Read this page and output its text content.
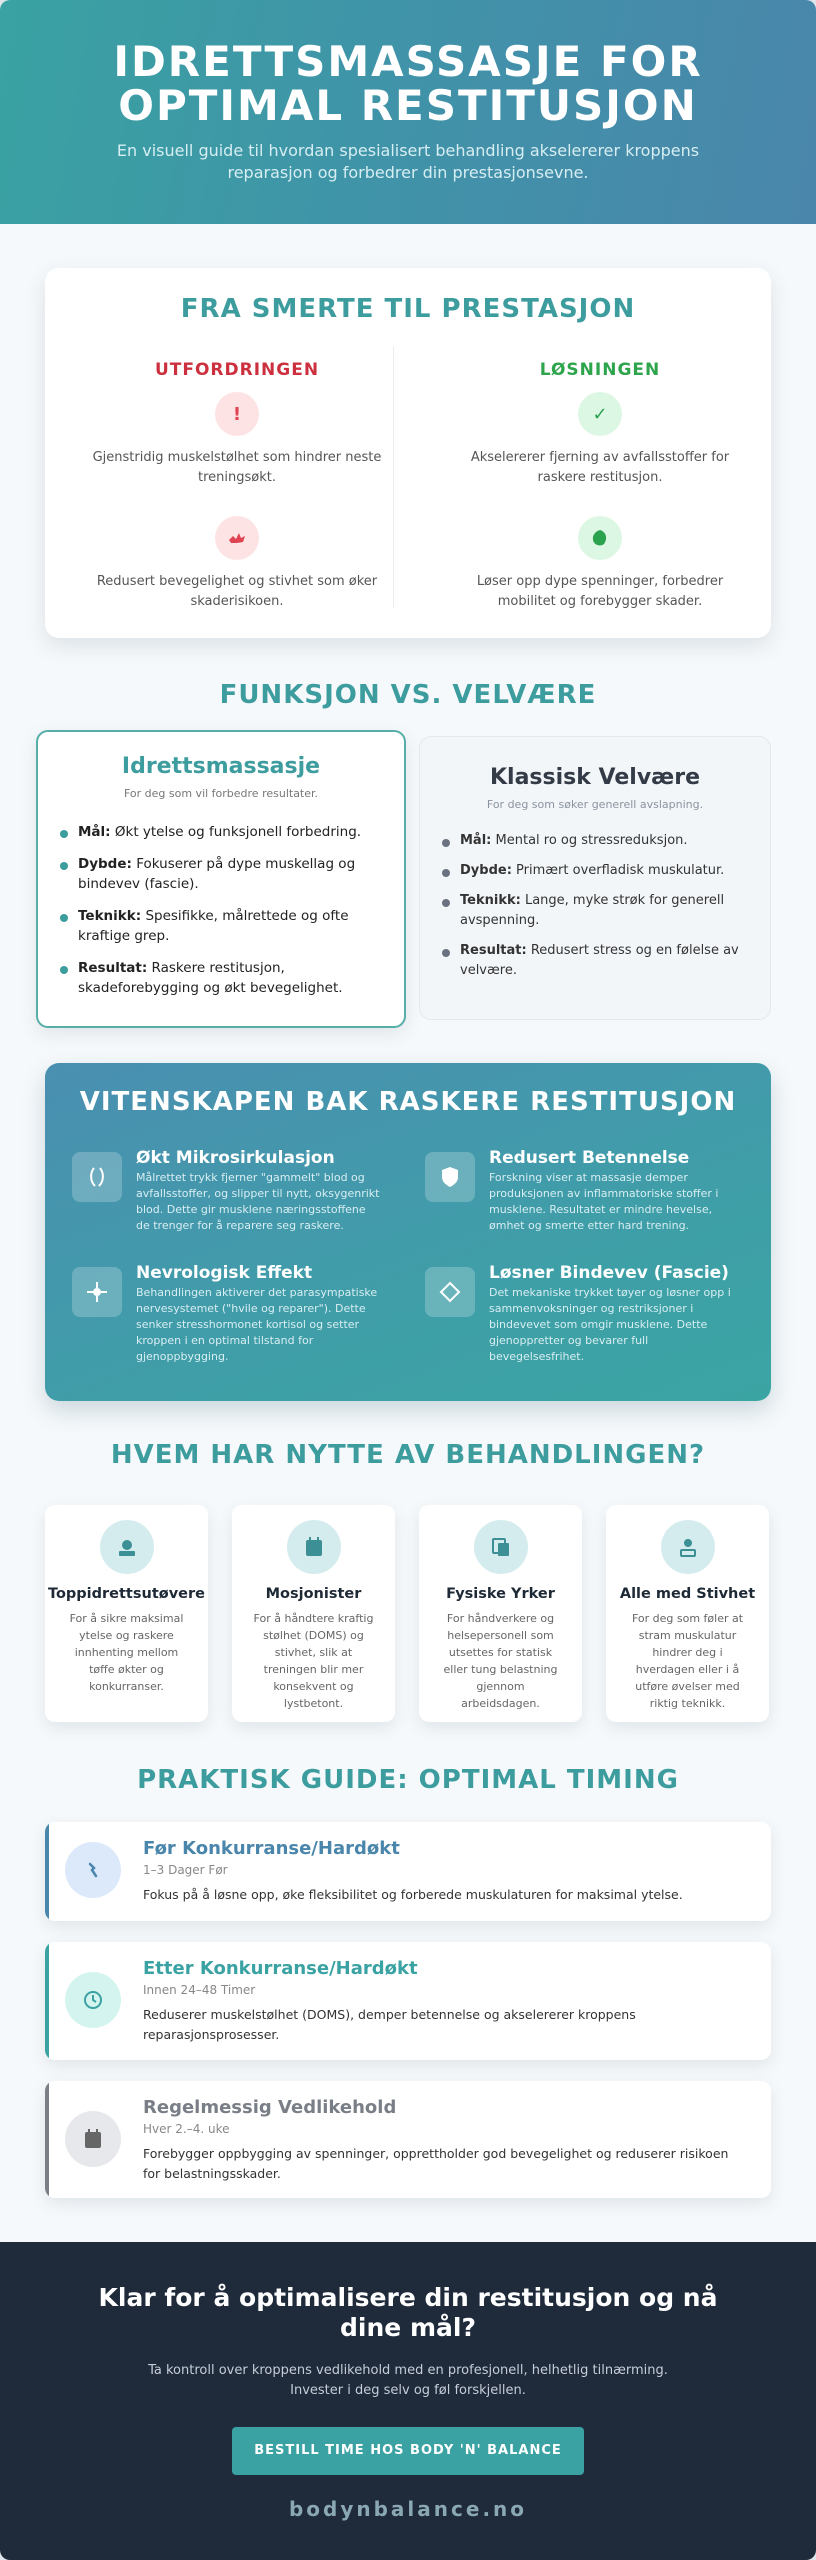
IDRETTSMASSASJE FOR OPTIMAL RESTITUSJON

En visuell guide til hvordan spesialisert behandling akselererer kroppens reparasjon og forbedrer din prestasjonsevne.

FRA SMERTE TIL PRESTASJON
UTFORDRINGEN
!
Gjenstridig muskelstølhet som hindrer neste treningsøkt.
Redusert bevegelighet og stivhet som øker skaderisikoen.
LØSNINGEN
✓
Akselererer fjerning av avfallsstoffer for raskere restitusjon.
Løser opp dype spenninger, forbedrer mobilitet og forebygger skader.
FUNKSJON VS. VELVÆRE
Idrettsmassasje
For deg som vil forbedre resultater.
Mål: Økt ytelse og funksjonell forbedring.
Dybde: Fokuserer på dype muskellag og bindevev (fascie).
Teknikk: Spesifikke, målrettede og ofte kraftige grep.
Resultat: Raskere restitusjon, skadeforebygging og økt bevegelighet.
Klassisk Velvære
For deg som søker generell avslapning.
Mål: Mental ro og stressreduksjon.
Dybde: Primært overfladisk muskulatur.
Teknikk: Lange, myke strøk for generell avspenning.
Resultat: Redusert stress og en følelse av velvære.
VITENSKAPEN BAK RASKERE RESTITUSJON
Økt Mikrosirkulasjon

Målrettet trykk fjerner "gammelt" blod og avfallsstoffer, og slipper til nytt, oksygenrikt blod. Dette gir musklene næringsstoffene de trenger for å reparere seg raskere.

Redusert Betennelse

Forskning viser at massasje demper produksjonen av inflammatoriske stoffer i musklene. Resultatet er mindre hevelse, ømhet og smerte etter hard trening.

Nevrologisk Effekt

Behandlingen aktiverer det parasympatiske nervesystemet ("hvile og reparer"). Dette senker stresshormonet kortisol og setter kroppen i en optimal tilstand for gjenoppbygging.

Løsner Bindevev (Fascie)

Det mekaniske trykket tøyer og løsner opp i sammenvoksninger og restriksjoner i bindevevet som omgir musklene. Dette gjenoppretter og bevarer full bevegelsesfrihet.

HVEM HAR NYTTE AV BEHANDLINGEN?
Toppidrettsutøvere

For å sikre maksimal ytelse og raskere innhenting mellom tøffe økter og konkurranser.

Mosjonister

For å håndtere kraftig stølhet (DOMS) og stivhet, slik at treningen blir mer konsekvent og lystbetont.

Fysiske Yrker

For håndverkere og helsepersonell som utsettes for statisk eller tung belastning gjennom arbeidsdagen.

Alle med Stivhet

For deg som føler at stram muskulatur hindrer deg i hverdagen eller i å utføre øvelser med riktig teknikk.

PRAKTISK GUIDE: OPTIMAL TIMING
Før Konkurranse/Hardøkt
1–3 Dager Før

Fokus på å løsne opp, øke fleksibilitet og forberede muskulaturen for maksimal ytelse.

Etter Konkurranse/Hardøkt
Innen 24–48 Timer

Reduserer muskelstølhet (DOMS), demper betennelse og akselererer kroppens reparasjonsprosesser.

Regelmessig Vedlikehold
Hver 2.–4. uke

Forebygger oppbygging av spenninger, opprettholder god bevegelighet og reduserer risikoen for belastningsskader.

Klar for å optimalisere din restitusjon og nå dine mål?

Ta kontroll over kroppens vedlikehold med en profesjonell, helhetlig tilnærming. Invester i deg selv og føl forskjellen.

BESTILL TIME HOS BODY 'N' BALANCE
bodynbalance.no
